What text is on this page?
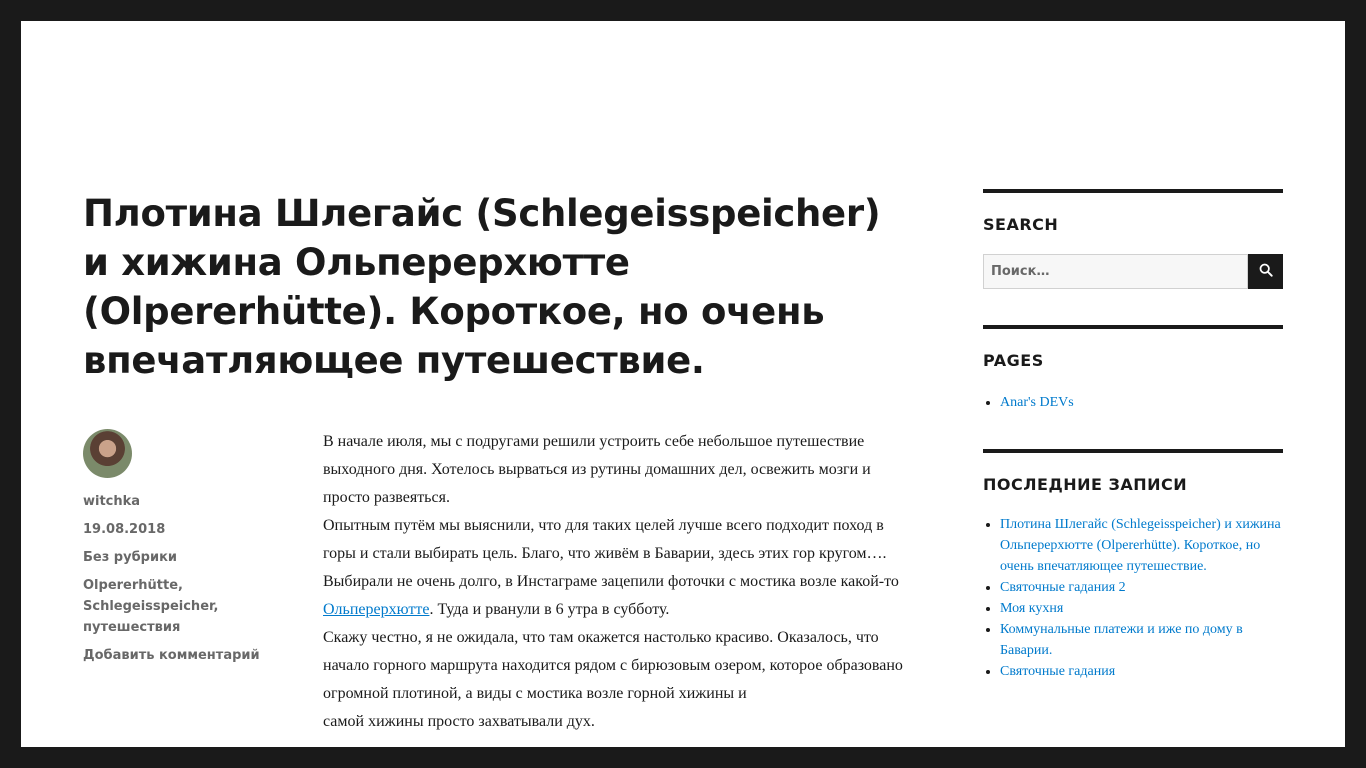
Плотина Шлегайс (Schlegeisspeicher) и хижина Ольперерхютте (Olpererhütte). Короткое, но очень впечатляющее путешествие.
witchka
19.08.2018
Без рубрики
Olpererhütte,
Schlegeisspeicher,
путешествия
Добавить комментарий

В начале июля, мы с подругами решили устроить себе небольшое путешествие выходного дня. Хотелось вырваться из рутины домашних дел, освежить мозги и просто развеяться.

Опытным путём мы выяснили, что для таких целей лучше всего подходит поход в горы и стали выбирать цель. Благо, что живём в Баварии, здесь этих гор кругом….

Выбирали не очень долго, в Инстаграме зацепили фоточки с мостика возле какой-то Ольперерхютте. Туда и рванули в 6 утра в субботу.

Скажу честно, я не ожидала, что там окажется настолько красиво. Оказалось, что начало горного маршрута находится рядом с бирюзовым озером, которое образовано огромной плотиной, а виды с мостика возле горной хижины и

самой хижины просто захватывали дух.

SEARCH
Поиск…
PAGES
• Anar's DEVs
ПОСЛЕДНИЕ ЗАПИСИ
• Плотина Шлегайс (Schlegeisspeicher) и хижина Ольперерхютте (Olpererhütte). Короткое, но очень впечатляющее путешествие.
• Святочные гадания 2
• Моя кухня
• Коммунальные платежи и иже по дому в Баварии.
• Святочные гадания
